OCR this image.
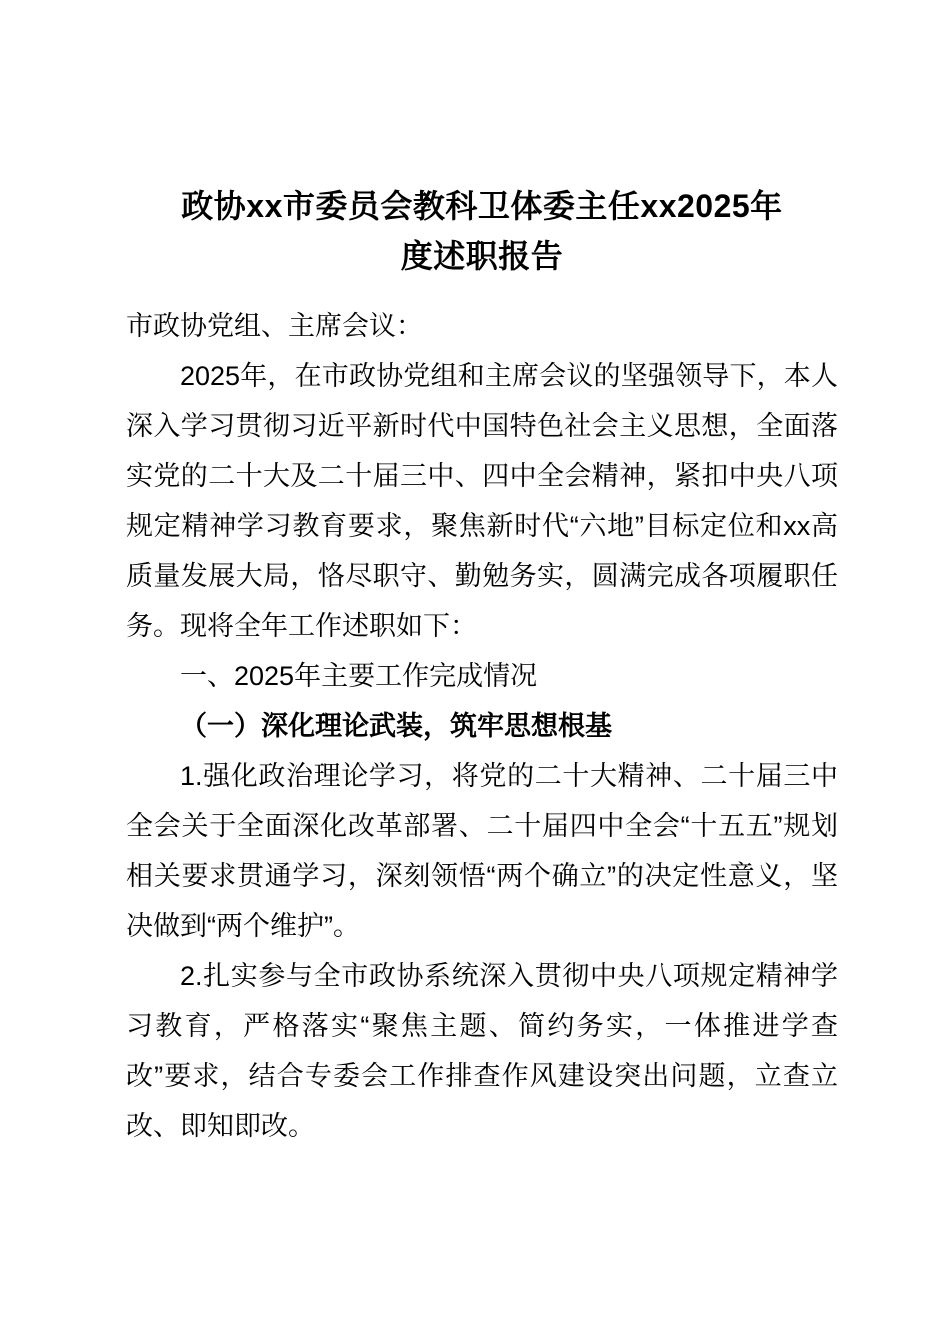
政协xx市委员会教科卫体委主任xx2025年
度述职报告

市政协党组、主席会议：

2025年，在市政协党组和主席会议的坚强领导下，本人深入学习贯彻习近平新时代中国特色社会主义思想，全面落实党的二十大及二十届三中、四中全会精神，紧扣中央八项规定精神学习教育要求，聚焦新时代“六地”目标定位和xx高质量发展大局，恪尽职守、勤勉务实，圆满完成各项履职任务。现将全年工作述职如下：

一、2025年主要工作完成情况

（一）深化理论武装，筑牢思想根基

1.强化政治理论学习，将党的二十大精神、二十届三中全会关于全面深化改革部署、二十届四中全会“十五五”规划相关要求贯通学习，深刻领悟“两个确立”的决定性意义，坚决做到“两个维护”。

2.扎实参与全市政协系统深入贯彻中央八项规定精神学习教育，严格落实“聚焦主题、简约务实，一体推进学查改”要求，结合专委会工作排查作风建设突出问题，立查立改、即知即改。
